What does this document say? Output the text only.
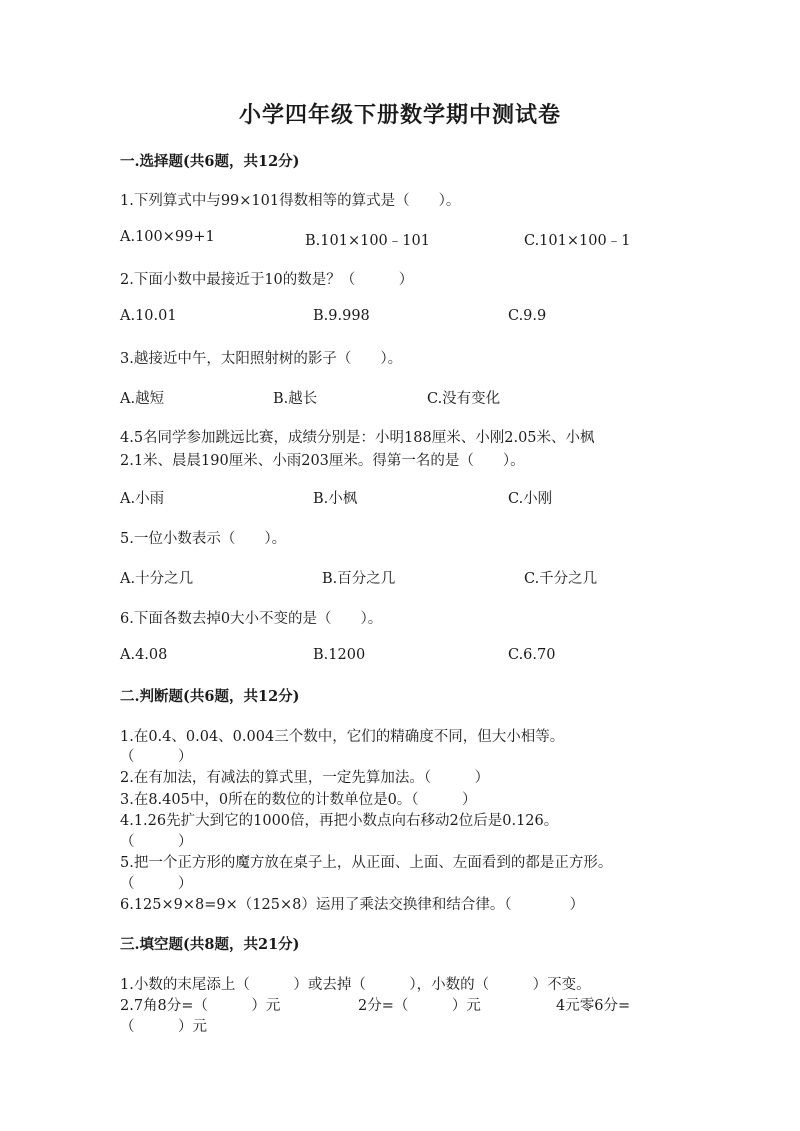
小学四年级下册数学期中测试卷
一.选择题(共6题，共12分)
1.下列算式中与99×101得数相等的算式是（　　）。
A.100×99+1	B.101×100﹣101	C.101×100﹣1
2.下面小数中最接近于10的数是？（　　　）
A.10.01	B.9.998	C.9.9
3.越接近中午，太阳照射树的影子（　　）。
A.越短	B.越长	C.没有变化
4.5名同学参加跳远比赛，成绩分别是：小明188厘米、小刚2.05米、小枫
2.1米、晨晨190厘米、小雨203厘米。得第一名的是（　　）。
A.小雨	B.小枫	C.小刚
5.一位小数表示（　　）。
A.十分之几	B.百分之几	C.千分之几
6.下面各数去掉0大小不变的是（　　）。
A.4.08	B.1200	C.6.70
二.判断题(共6题，共12分)
1.在0.4、0.04、0.004三个数中，它们的精确度不同，但大小相等。
（　　　）
2.在有加法，有减法的算式里，一定先算加法。（　　　）
3.在8.405中，0所在的数位的计数单位是0。（　　　）
4.1.26先扩大到它的1000倍，再把小数点向右移动2位后是0.126。
（　　　）
5.把一个正方形的魔方放在桌子上，从正面、上面、左面看到的都是正方形。
（　　　）
6.125×9×8=9×（125×8）运用了乘法交换律和结合律。（　　　　）
三.填空题(共8题，共21分)
1.小数的末尾添上（　　　）或去掉（　　　），小数的（　　　）不变。
2.7角8分=（　　　）元	2分=（　　　）元	4元零6分=
（　　　）元
